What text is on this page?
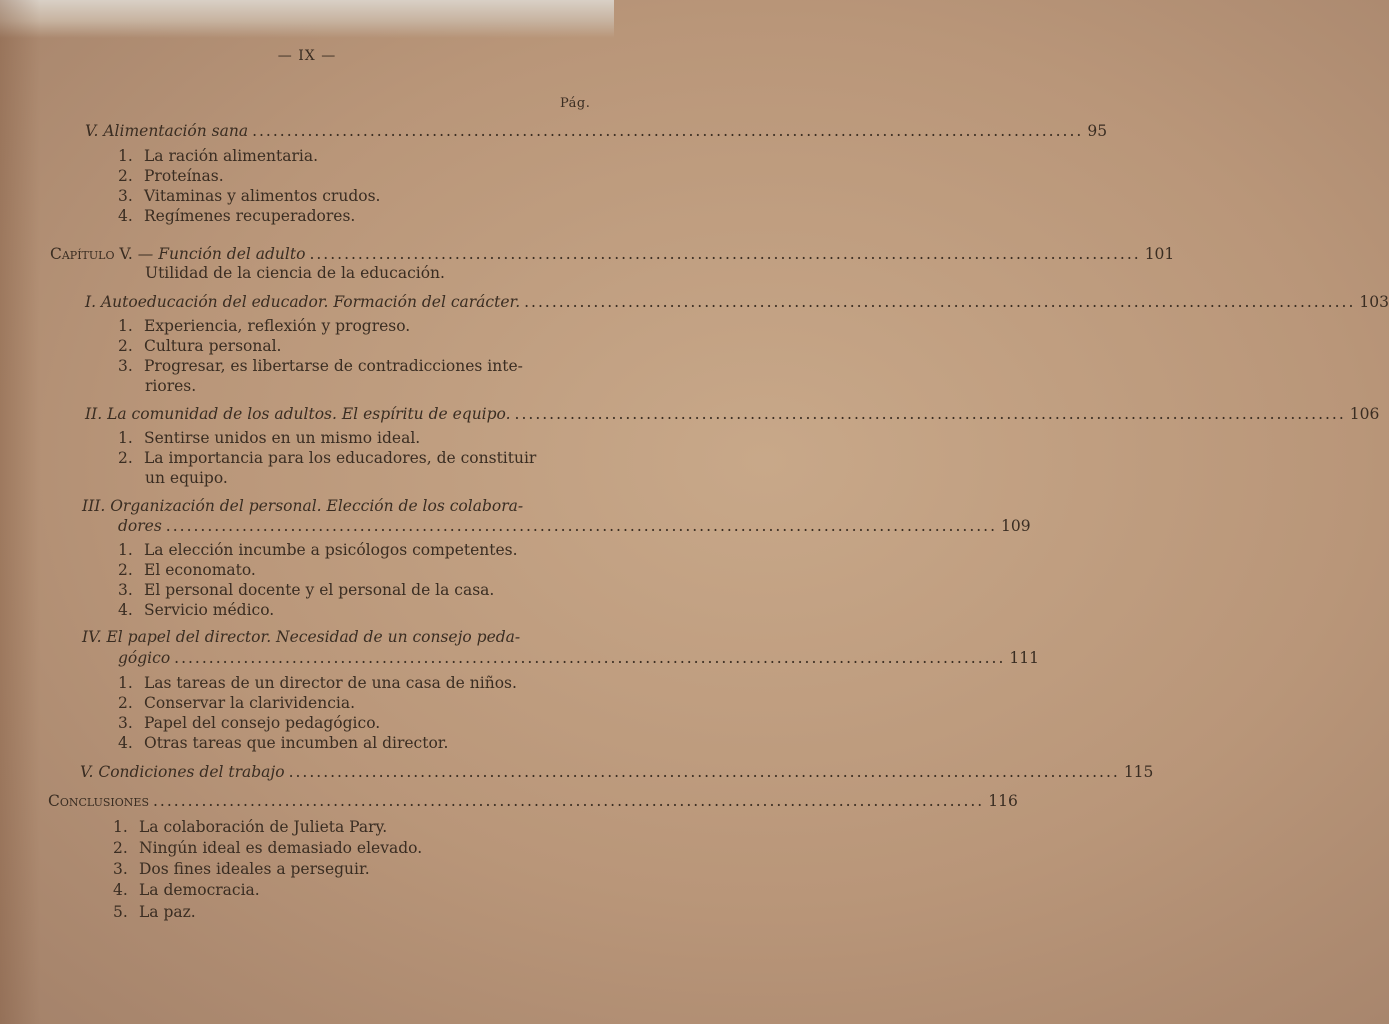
— IX —
Pág.
V. Alimentación sana ........................................................................................................................ 95
1. La ración alimentaria.
2. Proteínas.
3. Vitaminas y alimentos crudos.
4. Regímenes recuperadores.
Capítulo V. — Función del adulto ........................................................................................................................ 101
Utilidad de la ciencia de la educación.
I. Autoeducación del educador. Formación del carácter. ........................................................................................................................ 103
1. Experiencia, reflexión y progreso.
2. Cultura personal.
3. Progresar, es libertarse de contradicciones inte-
riores.
II. La comunidad de los adultos. El espíritu de equipo. ........................................................................................................................ 106
1. Sentirse unidos en un mismo ideal.
2. La importancia para los educadores, de constituir
un equipo.
III. Organización del personal. Elección de los colabora-
dores ........................................................................................................................ 109
1. La elección incumbe a psicólogos competentes.
2. El economato.
3. El personal docente y el personal de la casa.
4. Servicio médico.
IV. El papel del director. Necesidad de un consejo peda-
gógico ........................................................................................................................ 111
1. Las tareas de un director de una casa de niños.
2. Conservar la clarividencia.
3. Papel del consejo pedagógico.
4. Otras tareas que incumben al director.
V. Condiciones del trabajo ........................................................................................................................ 115
Conclusiones ........................................................................................................................ 116
1. La colaboración de Julieta Pary.
2. Ningún ideal es demasiado elevado.
3. Dos fines ideales a perseguir.
4. La democracia.
5. La paz.
